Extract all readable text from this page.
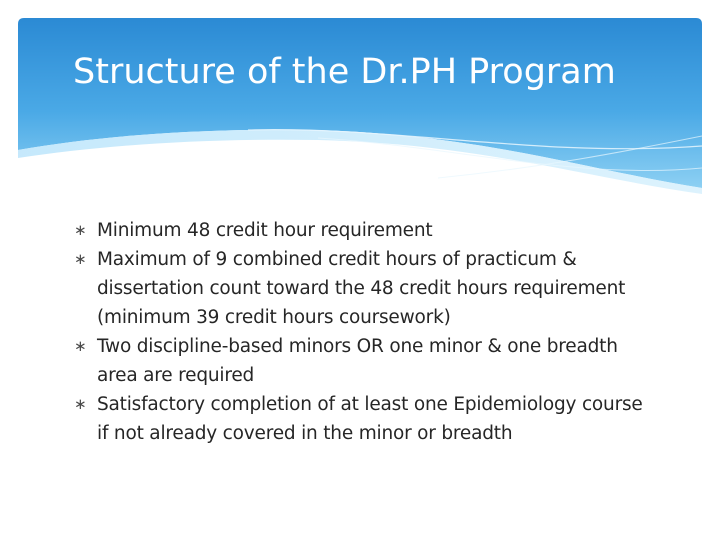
Structure of the Dr.PH Program
∗ Minimum 48 credit hour requirement
∗ Maximum of 9 combined credit hours of practicum & dissertation count toward the 48 credit hours requirement (minimum 39 credit hours coursework)
∗ Two discipline-based minors OR one minor & one breadth area are required
∗ Satisfactory completion of at least one Epidemiology course if not already covered in the minor or breadth
